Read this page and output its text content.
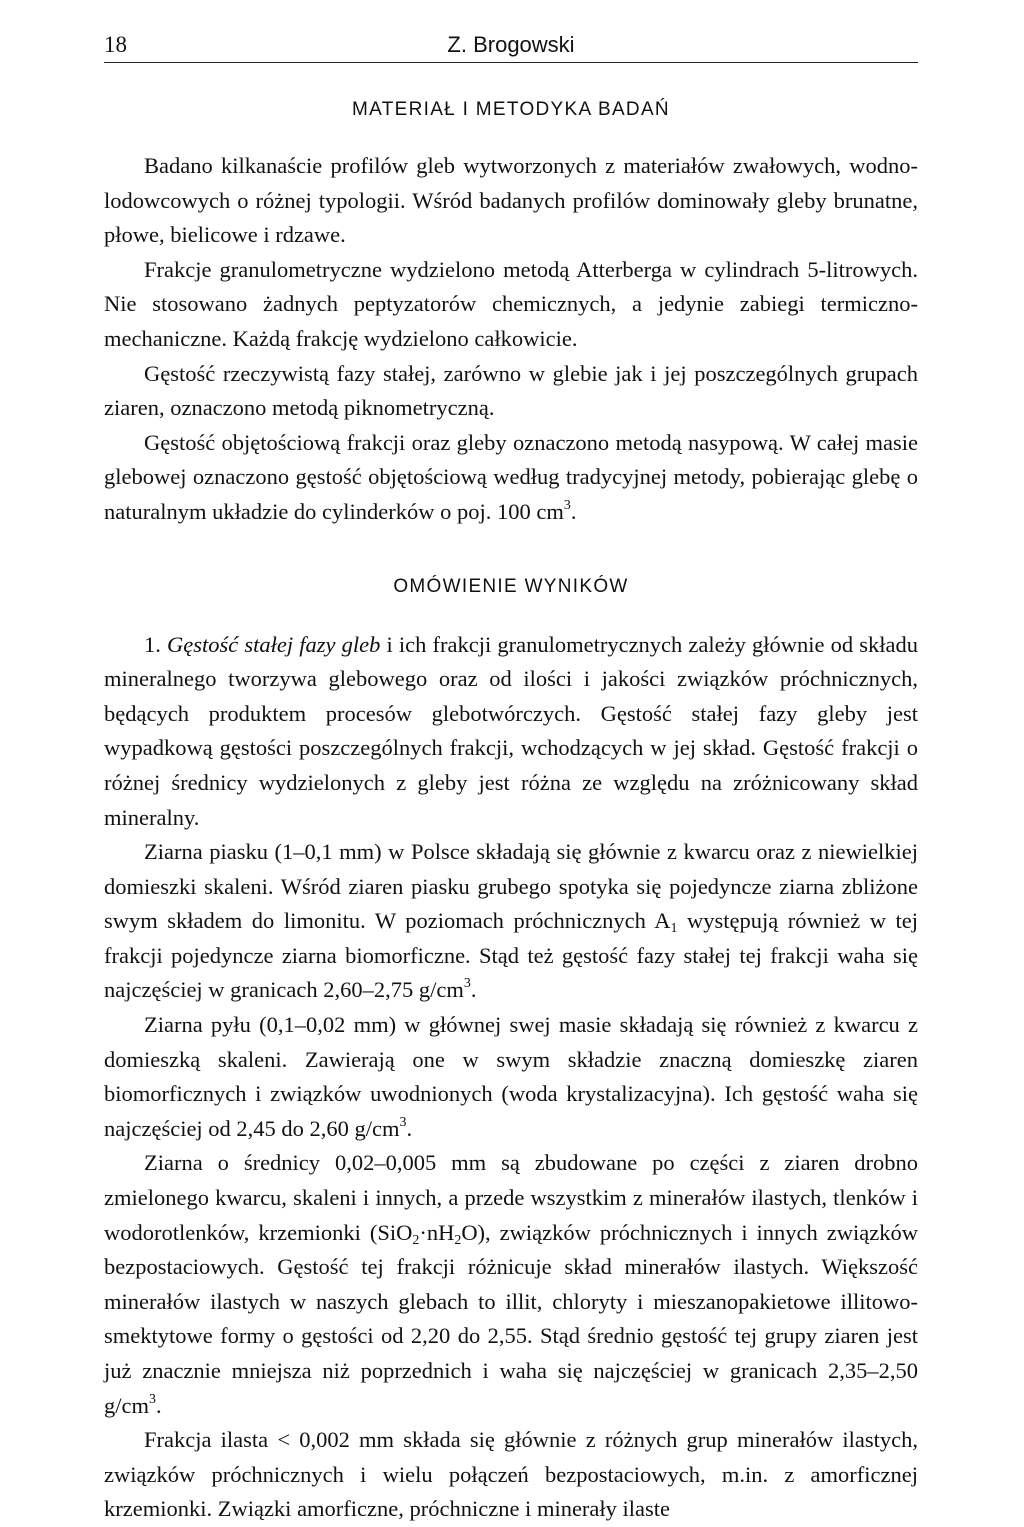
18	Z. Brogowski
MATERIAŁ I METODYKA BADAŃ

Badano kilkanaście profilów gleb wytworzonych z materiałów zwałowych, wodno-lodowcowych o różnej typologii. Wśród badanych profilów dominowały gleby brunatne, płowe, bielicowe i rdzawe.

Frakcje granulometryczne wydzielono metodą Atterberga w cylindrach 5-litrowych. Nie stosowano żadnych peptyzatorów chemicznych, a jedynie zabiegi termiczno-mechaniczne. Każdą frakcję wydzielono całkowicie.

Gęstość rzeczywistą fazy stałej, zarówno w glebie jak i jej poszczególnych grupach ziaren, oznaczono metodą piknometryczną.

Gęstość objętościową frakcji oraz gleby oznaczono metodą nasypową. W całej masie glebowej oznaczono gęstość objętościową według tradycyjnej metody, pobierając glebę o naturalnym układzie do cylinderków o poj. 100 $cm^3$.

OMÓWIENIE WYNIKÓW

1. Gęstość stałej fazy gleb i ich frakcji granulometrycznych zależy głównie od składu mineralnego tworzywa glebowego oraz od ilości i jakości związków próchnicznych, będących produktem procesów glebotwórczych. Gęstość stałej fazy gleby jest wypadkową gęstości poszczególnych frakcji, wchodzących w jej skład. Gęstość frakcji o różnej średnicy wydzielonych z gleby jest różna ze względu na zróżnicowany skład mineralny.

Ziarna piasku (1–0,1 mm) w Polsce składają się głównie z kwarcu oraz z niewielkiej domieszki skaleni. Wśród ziaren piasku grubego spotyka się pojedyncze ziarna zbliżone swym składem do limonitu. W poziomach próchnicznych $A_1$ występują również w tej frakcji pojedyncze ziarna biomorficzne. Stąd też gęstość fazy stałej tej frakcji waha się najczęściej w granicach 2,60–2,75 $g/cm^3$.

Ziarna pyłu (0,1–0,02 mm) w głównej swej masie składają się również z kwarcu z domieszką skaleni. Zawierają one w swym składzie znaczną domieszkę ziaren biomorficznych i związków uwodnionych (woda krystalizacyjna). Ich gęstość waha się najczęściej od 2,45 do 2,60 $g/cm^3$.

Ziarna o średnicy 0,02–0,005 mm są zbudowane po części z ziaren drobno zmielonego kwarcu, skaleni i innych, a przede wszystkim z minerałów ilastych, tlenków i wodorotlenków, krzemionki $(SiO_2\cdot nH_2O)$, związków próchnicznych i innych związków bezpostaciowych. Gęstość tej frakcji różnicuje skład minerałów ilastych. Większość minerałów ilastych w naszych glebach to illit, chloryty i mieszanopakietowe illitowo-smektytowe formy o gęstości od 2,20 do 2,55. Stąd średnio gęstość tej grupy ziaren jest już znacznie mniejsza niż poprzednich i waha się najczęściej w granicach 2,35–2,50 $g/cm^3$.

Frakcja ilasta < 0,002 mm składa się głównie z różnych grup minerałów ilastych, związków próchnicznych i wielu połączeń bezpostaciowych, m.in. z amorficznej krzemionki. Związki amorficzne, próchniczne i minerały ilaste
